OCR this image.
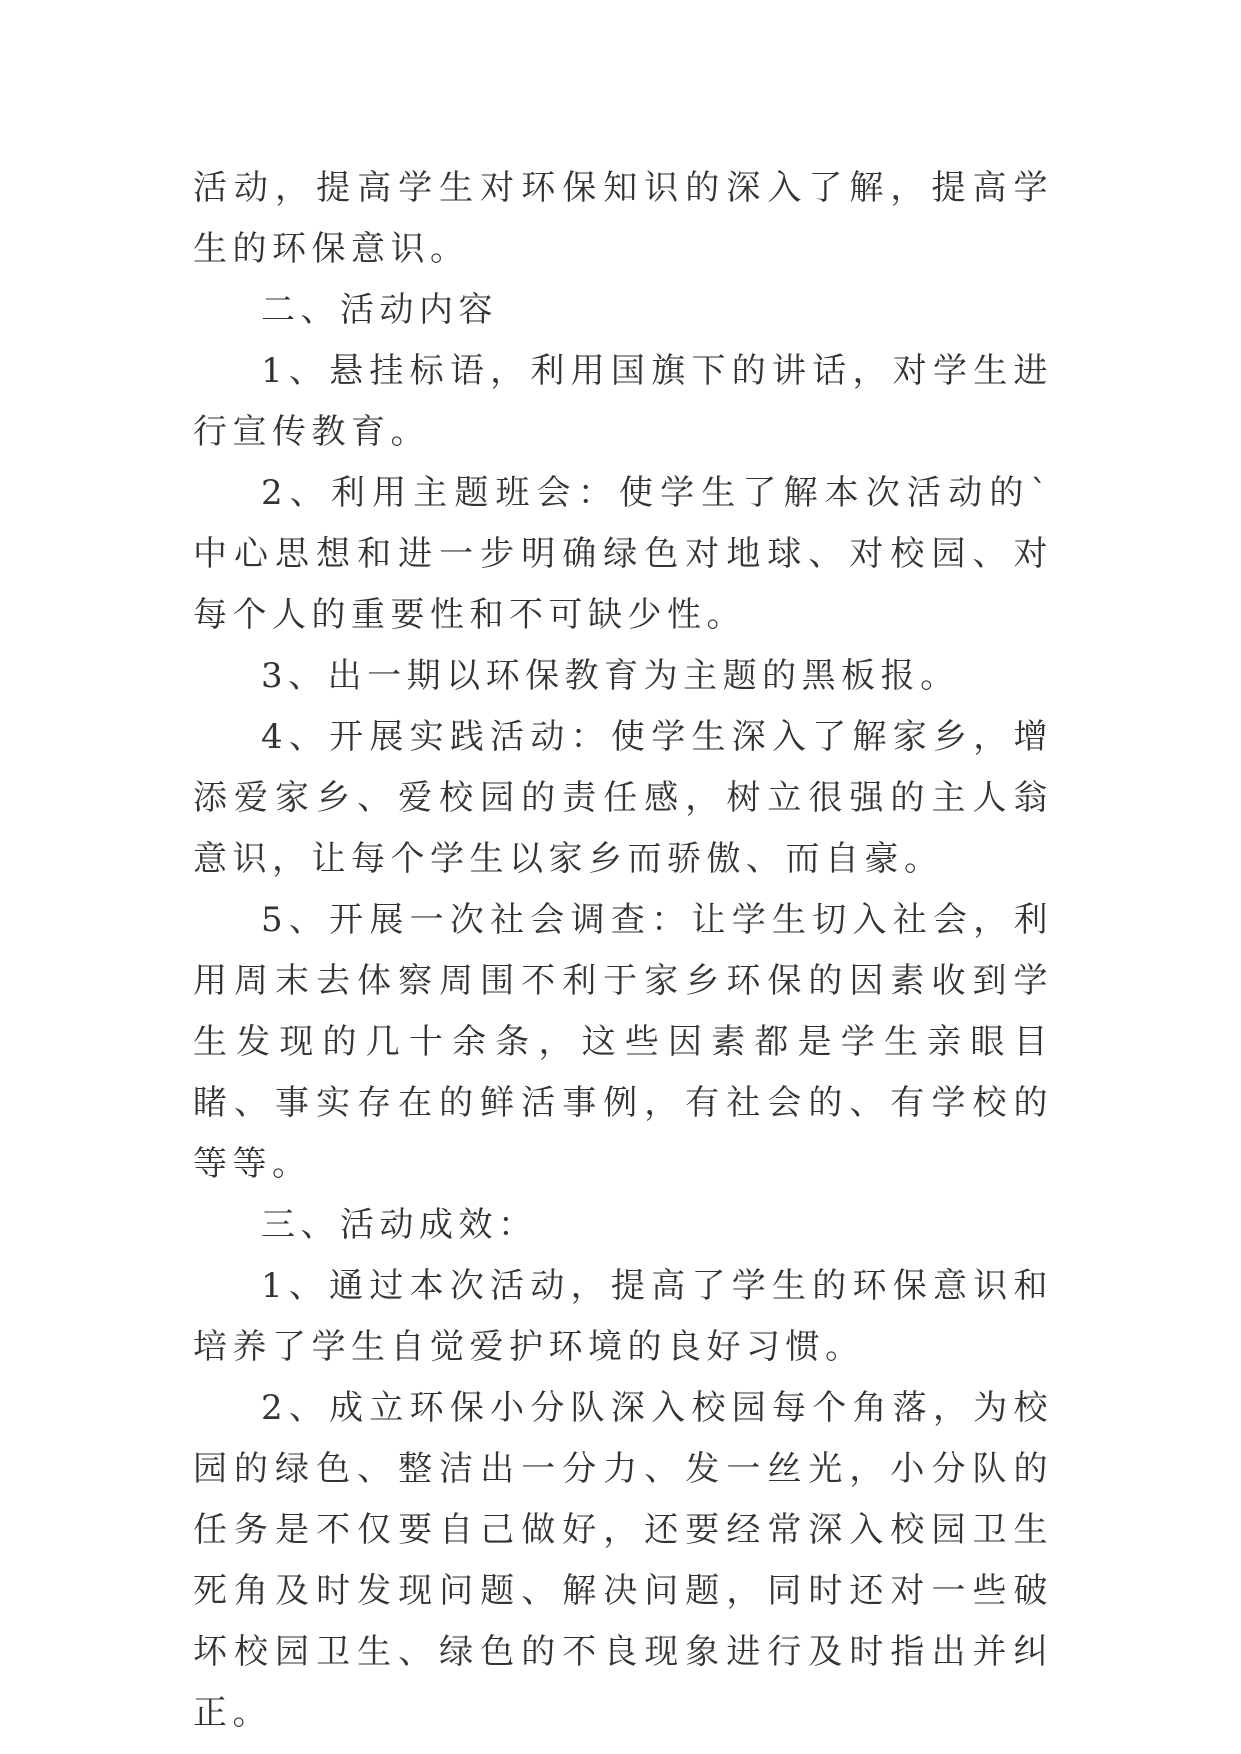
活动，提高学生对环保知识的深入了解，提高学生的环保意识。

二、活动内容

1、悬挂标语，利用国旗下的讲话，对学生进行宣传教育。

2、利用主题班会：使学生了解本次活动的`中心思想和进一步明确绿色对地球、对校园、对每个人的重要性和不可缺少性。

3、出一期以环保教育为主题的黑板报。

4、开展实践活动：使学生深入了解家乡，增添爱家乡、爱校园的责任感，树立很强的主人翁意识，让每个学生以家乡而骄傲、而自豪。

5、开展一次社会调查：让学生切入社会，利用周末去体察周围不利于家乡环保的因素收到学生发现的几十余条，这些因素都是学生亲眼目睹、事实存在的鲜活事例，有社会的、有学校的等等。

三、活动成效：

1、通过本次活动，提高了学生的环保意识和培养了学生自觉爱护环境的良好习惯。

2、成立环保小分队深入校园每个角落，为校园的绿色、整洁出一分力、发一丝光，小分队的任务是不仅要自己做好，还要经常深入校园卫生死角及时发现问题、解决问题，同时还对一些破坏校园卫生、绿色的不良现象进行及时指出并纠正。
